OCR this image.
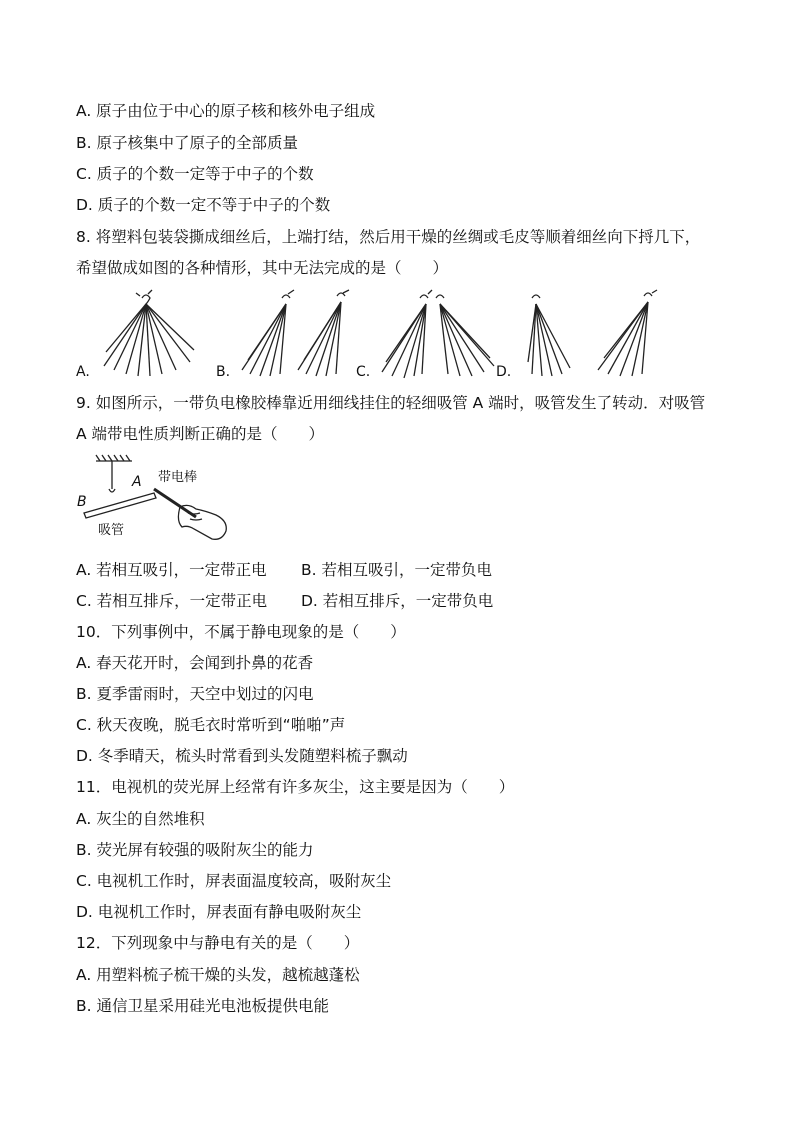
A. 原子由位于中心的原子核和核外电子组成
B. 原子核集中了原子的全部质量
C. 质子的个数一定等于中子的个数
D. 质子的个数一定不等于中子的个数
8. 将塑料包装袋撕成细丝后，上端打结，然后用干燥的丝绸或毛皮等顺着细丝向下捋几下，
希望做成如图的各种情形，其中无法完成的是（　　）
A.	B.	C.	D.
9. 如图所示，一带负电橡胶棒靠近用细线挂住的轻细吸管 A 端时，吸管发生了转动．对吸管
A 端带电性质判断正确的是（　　）
B
A 带电棒
吸管
A. 若相互吸引，一定带正电 B. 若相互吸引，一定带负电
C. 若相互排斥，一定带正电 D. 若相互排斥，一定带负电
10．下列事例中，不属于静电现象的是（　　）
A. 春天花开时，会闻到扑鼻的花香
B. 夏季雷雨时，天空中划过的闪电
C. 秋天夜晚，脱毛衣时常听到“啪啪”声
D. 冬季晴天，梳头时常看到头发随塑料梳子飘动
11．电视机的荧光屏上经常有许多灰尘，这主要是因为（　　）
A. 灰尘的自然堆积
B. 荧光屏有较强的吸附灰尘的能力
C. 电视机工作时，屏表面温度较高，吸附灰尘
D. 电视机工作时，屏表面有静电吸附灰尘
12．下列现象中与静电有关的是（　　）
A. 用塑料梳子梳干燥的头发，越梳越蓬松
B. 通信卫星采用硅光电池板提供电能
